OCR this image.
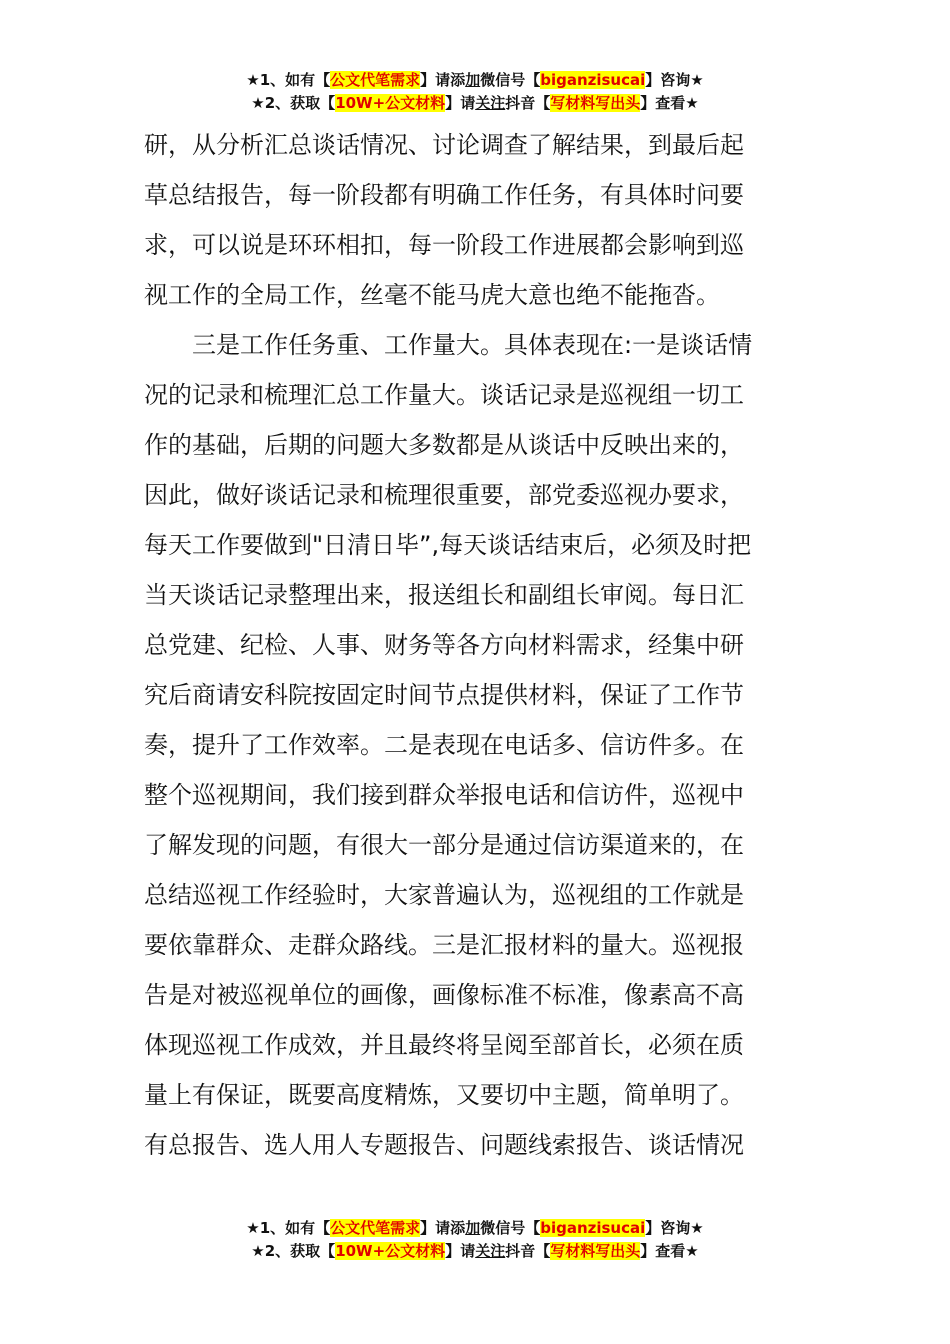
★1、如有【公文代笔需求】请添加微信号【biganzisucai】咨询★
★2、获取【10W+公文材料】请关注抖音【写材料写出头】查看★
研，从分析汇总谈话情况、讨论调查了解结果，到最后起
草总结报告，每一阶段都有明确工作任务，有具体时问要
求，可以说是环环相扣，每一阶段工作进展都会影响到巡
视工作的全局工作，丝毫不能马虎大意也绝不能拖沓。
　　三是工作任务重、工作量大。具体表现在:一是谈话情
况的记录和梳理汇总工作量大。谈话记录是巡视组一切工
作的基础，后期的问题大多数都是从谈话中反映出来的，
因此，做好谈话记录和梳理很重要，部党委巡视办要求，
每天工作要做到"日清日毕”,每天谈话结束后，必须及时把
当天谈话记录整理出来，报送组长和副组长审阅。每日汇
总党建、纪检、人事、财务等各方向材料需求，经集中研
究后商请安科院按固定时间节点提供材料，保证了工作节
奏，提升了工作效率。二是表现在电话多、信访件多。在
整个巡视期间，我们接到群众举报电话和信访件，巡视中
了解发现的问题，有很大一部分是通过信访渠道来的，在
总结巡视工作经验时，大家普遍认为，巡视组的工作就是
要依靠群众、走群众路线。三是汇报材料的量大。巡视报
告是对被巡视单位的画像，画像标准不标准，像素高不高
体现巡视工作成效，并且最终将呈阅至部首长，必须在质
量上有保证，既要高度精炼，又要切中主题，简单明了。
有总报告、选人用人专题报告、问题线索报告、谈话情况
★1、如有【公文代笔需求】请添加微信号【biganzisucai】咨询★
★2、获取【10W+公文材料】请关注抖音【写材料写出头】查看★
